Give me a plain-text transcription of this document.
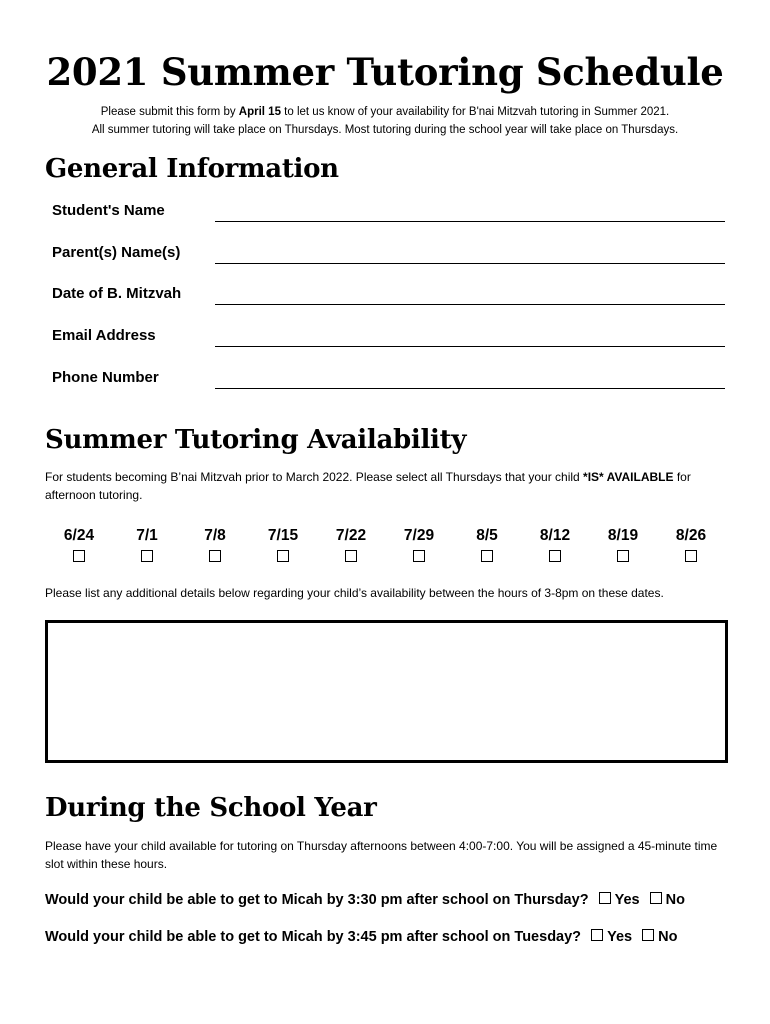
2021 Summer Tutoring Schedule
Please submit this form by April 15 to let us know of your availability for B'nai Mitzvah tutoring in Summer 2021.
All summer tutoring will take place on Thursdays. Most tutoring during the school year will take place on Thursdays.
General Information
Student's Name
Parent(s) Name(s)
Date of B. Mitzvah
Email Address
Phone Number
Summer Tutoring Availability
For students becoming B’nai Mitzvah prior to March 2022. Please select all Thursdays that your child *IS* AVAILABLE for afternoon tutoring.
6/24	7/1	7/8	7/15	7/22	7/29	8/5	8/12	8/19	8/26
Please list any additional details below regarding your child’s availability between the hours of 3-8pm on these dates.
During the School Year
Please have your child available for tutoring on Thursday afternoons between 4:00-7:00. You will be assigned a 45-minute time slot within these hours.
Would your child be able to get to Micah by 3:30 pm after school on Thursday? Yes No
Would your child be able to get to Micah by 3:45 pm after school on Tuesday? Yes No
